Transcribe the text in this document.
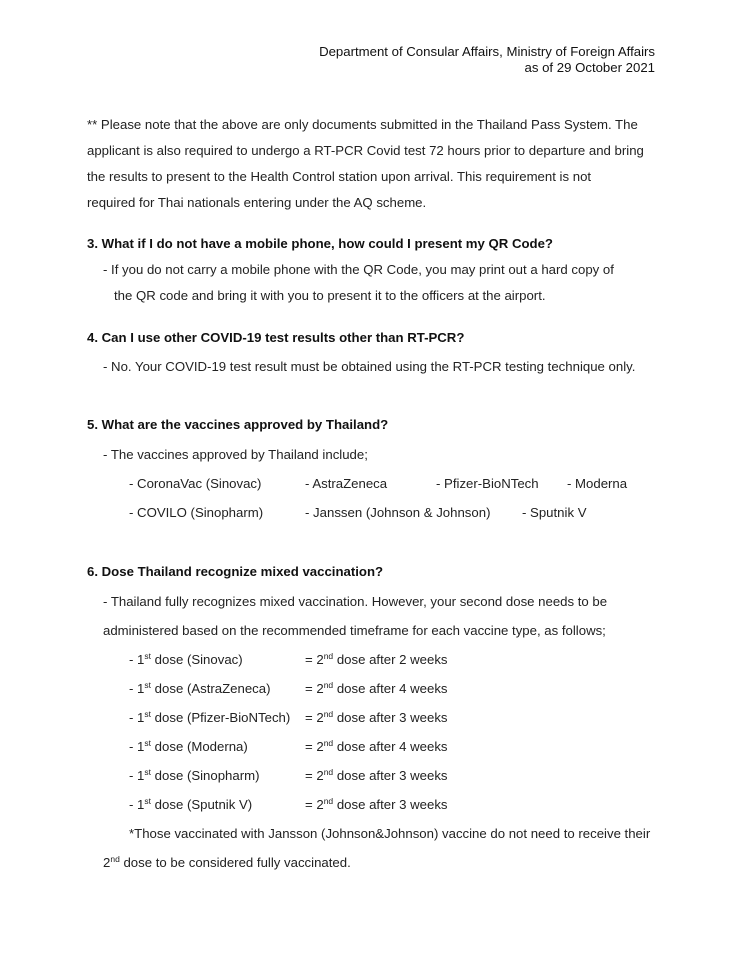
Department of Consular Affairs, Ministry of Foreign Affairs
as of 29 October 2021
** Please note that the above are only documents submitted in the Thailand Pass System. The
applicant is also required to undergo a RT-PCR Covid test 72 hours prior to departure and bring
the results to present to the Health Control station upon arrival. This requirement is not
required for Thai nationals entering under the AQ scheme.
3. What if I do not have a mobile phone, how could I present my QR Code?
- If you do not carry a mobile phone with the QR Code, you may print out a hard copy of
the QR code and bring it with you to present it to the officers at the airport.
4. Can I use other COVID-19 test results other than RT-PCR?
- No. Your COVID-19 test result must be obtained using the RT-PCR testing technique only.
5. What are the vaccines approved by Thailand?
- The vaccines approved by Thailand include;
- CoronaVac (Sinovac)	- AstraZeneca	- Pfizer-BioNTech - Moderna
- COVILO (Sinopharm)	- Janssen (Johnson & Johnson) - Sputnik V
6. Dose Thailand recognize mixed vaccination?
- Thailand fully recognizes mixed vaccination. However, your second dose needs to be
administered based on the recommended timeframe for each vaccine type, as follows;
- 1st dose (Sinovac)	= 2nd dose after 2 weeks
- 1st dose (AstraZeneca)	= 2nd dose after 4 weeks
- 1st dose (Pfizer-BioNTech) = 2nd dose after 3 weeks
- 1st dose (Moderna)	= 2nd dose after 4 weeks
- 1st dose (Sinopharm)	= 2nd dose after 3 weeks
- 1st dose (Sputnik V)	= 2nd dose after 3 weeks
*Those vaccinated with Jansson (Johnson&Johnson) vaccine do not need to receive their
2nd dose to be considered fully vaccinated.
